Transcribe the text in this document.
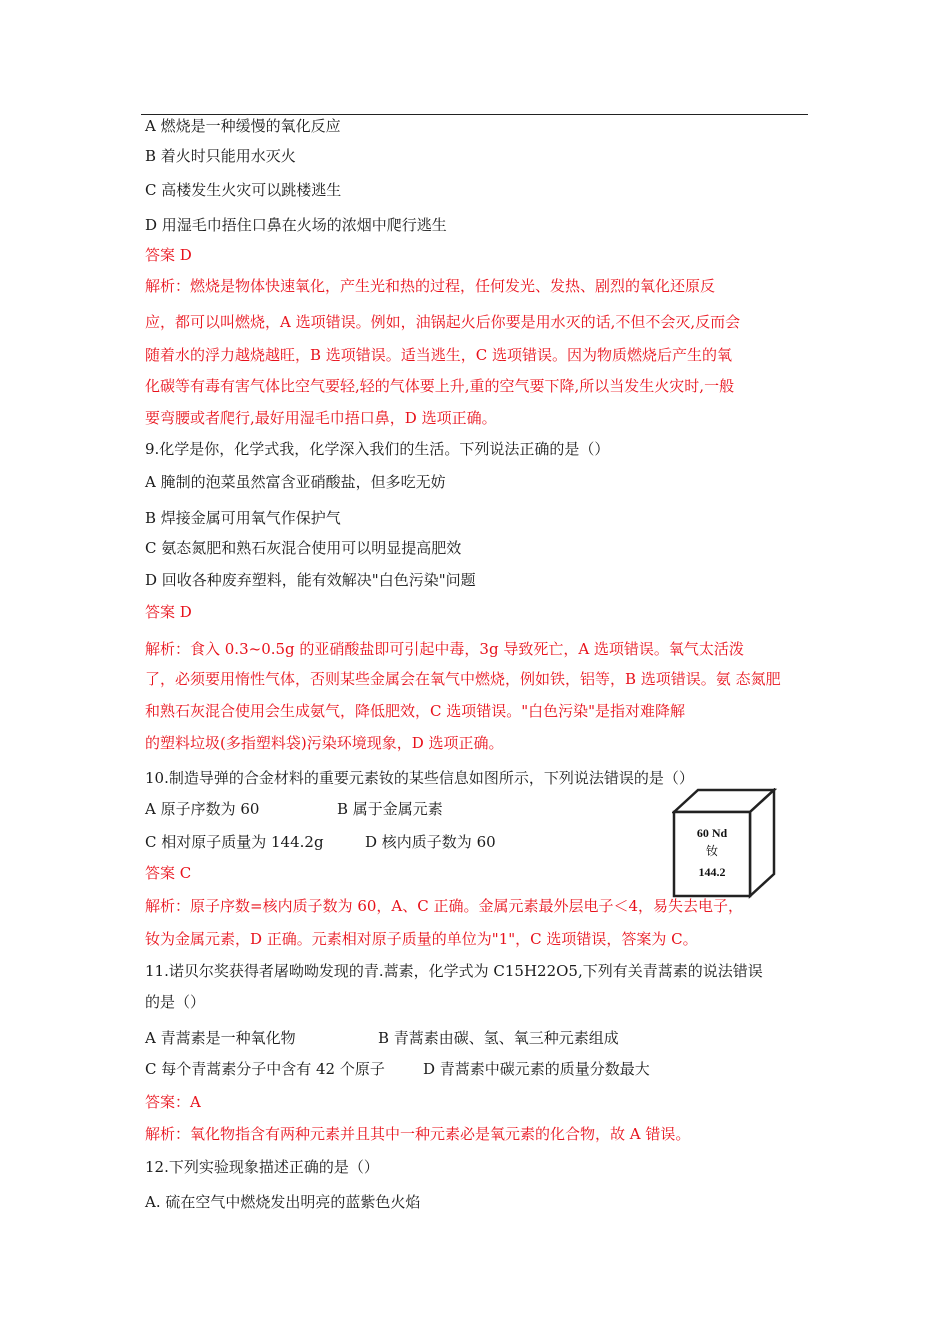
A 燃烧是一种缓慢的氧化反应
B 着火时只能用水灭火
C 高楼发生火灾可以跳楼逃生
D 用湿毛巾捂住口鼻在火场的浓烟中爬行逃生
答案 D
解析：燃烧是物体快速氧化，产生光和热的过程，任何发光、发热、剧烈的氧化还原反
应，都可以叫燃烧，A 选项错误。例如，油锅起火后你要是用水灭的话,不但不会灭,反而会
随着水的浮力越烧越旺，B 选项错误。适当逃生，C 选项错误。因为物质燃烧后产生的氧
化碳等有毒有害气体比空气要轻,轻的气体要上升,重的空气要下降,所以当发生火灾时,一般
要弯腰或者爬行,最好用湿毛巾捂口鼻，D 选项正确。
9.化学是你，化学式我，化学深入我们的生活。下列说法正确的是（）
A 腌制的泡菜虽然富含亚硝酸盐，但多吃无妨
B 焊接金属可用氧气作保护气
C 氨态氮肥和熟石灰混合使用可以明显提高肥效
D 回收各种废弃塑料，能有效解决"白色污染"问题
答案 D
解析：食入 0.3~0.5g 的亚硝酸盐即可引起中毒，3g 导致死亡，A 选项错误。氧气太活泼
了，必须要用惰性气体，否则某些金属会在氧气中燃烧，例如铁，铝等，B 选项错误。氨 态氮肥
和熟石灰混合使用会生成氨气，降低肥效，C 选项错误。"白色污染"是指对难降解
的塑料垃圾(多指塑料袋)污染环境现象，D 选项正确。
10.制造导弹的合金材料的重要元素钕的某些信息如图所示，下列说法错误的是（）
A 原子序数为 60	B 属于金属元素
C 相对原子质量为 144.2g	D 核内质子数为 60
答案 C
解析：原子序数=核内质子数为 60，A、C 正确。金属元素最外层电子＜4，易失去电子，
钕为金属元素，D 正确。元素相对原子质量的单位为"1"，C 选项错误，答案为 C。
60 Nd
钕
144.2
11.诺贝尔奖获得者屠呦呦发现的青.蒿素，化学式为 C15H22O5,下列有关青蒿素的说法错误
的是（）
A 青蒿素是一种氧化物	B 青蒿素由碳、氢、氧三种元素组成
C 每个青蒿素分子中含有 42 个原子	D 青蒿素中碳元素的质量分数最大
答案：A
解析：氧化物指含有两种元素并且其中一种元素必是氧元素的化合物，故 A 错误。
12.下列实验现象描述正确的是（）
A. 硫在空气中燃烧发出明亮的蓝紫色火焰
